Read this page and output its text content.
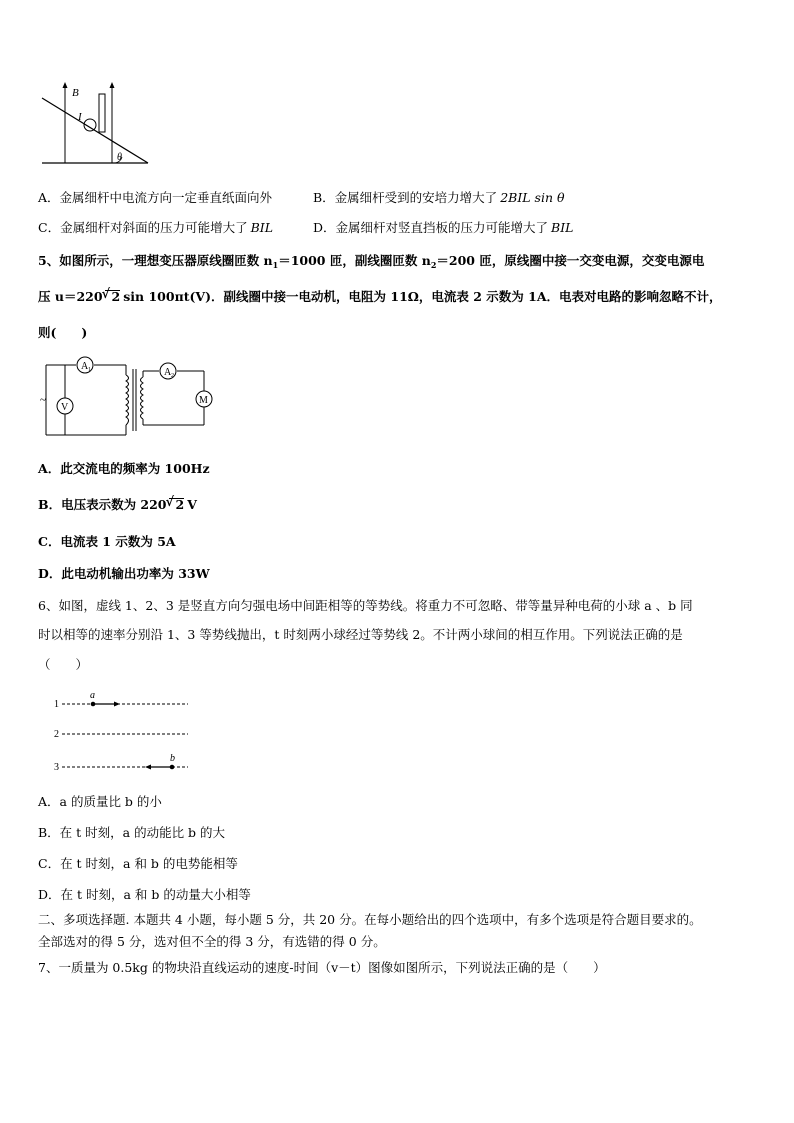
B
I
θ
A．金属细杆中电流方向一定垂直纸面向外	B．金属细杆受到的安培力增大了 2BIL sin θ
C．金属细杆对斜面的压力可能增大了 BIL	D．金属细杆对竖直挡板的压力可能增大了 BIL
5、如图所示，一理想变压器原线圈匝数 $n_1=1000$ 匝，副线圈匝数 $n_2=200$ 匝，原线圈中接一交变电源，交变电源电
压 u＝220 √ 2 sin 100πt(V)．副线圈中接一电动机，电阻为 11Ω，电流表 2 示数为 1A．电表对电路的影响忽略不计，
则(　　)
A 1
V
~
A 2
M
A．此交流电的频率为 100Hz
B．电压表示数为 220 √ 2 V
C．电流表 1 示数为 5A
D．此电动机输出功率为 33W
6、如图，虚线 1、2、3 是竖直方向匀强电场中间距相等的等势线。将重力不可忽略、带等量异种电荷的小球 a 、b 同
时以相等的速率分别沿 1、3 等势线抛出，t 时刻两小球经过等势线 2。不计两小球间的相互作用。下列说法正确的是
（　　）
1
2
3
a
b
A．a 的质量比 b 的小
B．在 t 时刻，a 的动能比 b 的大
C．在 t 时刻，a 和 b 的电势能相等
D．在 t 时刻，a 和 b 的动量大小相等
二、多项选择题. 本题共 4 小题，每小题 5 分，共 20 分。在每小题给出的四个选项中，有多个选项是符合题目要求的。
全部选对的得 5 分，选对但不全的得 3 分，有选错的得 0 分。
7、一质量为 0.5kg 的物块沿直线运动的速度-时间（v－t）图像如图所示，下列说法正确的是（　　）
